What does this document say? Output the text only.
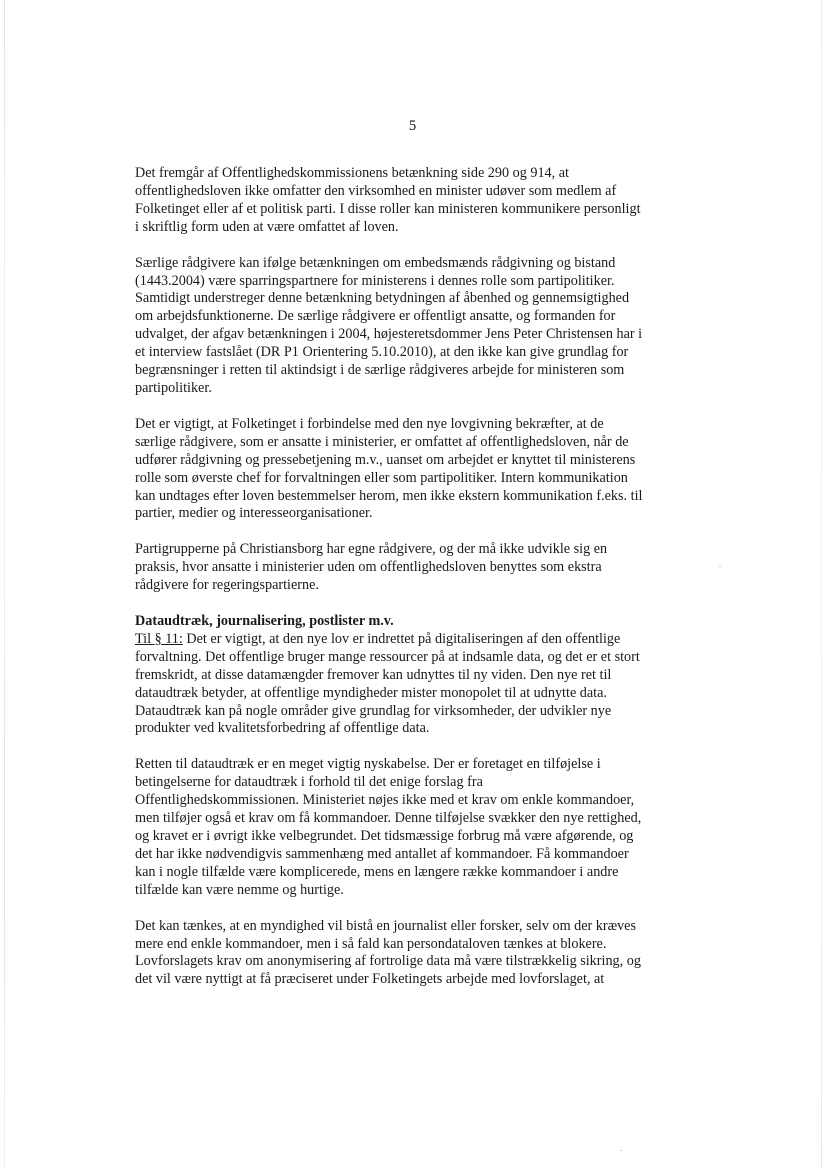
5

Det fremgår af Offentlighedskommissionens betænkning side 290 og 914, at
offentlighedsloven ikke omfatter den virksomhed en minister udøver som medlem af
Folketinget eller af et politisk parti. I disse roller kan ministeren kommunikere personligt
i skriftlig form uden at være omfattet af loven.

Særlige rådgivere kan ifølge betænkningen om embedsmænds rådgivning og bistand
(1443.2004) være sparringspartnere for ministerens i dennes rolle som partipolitiker.
Samtidigt understreger denne betænkning betydningen af åbenhed og gennemsigtighed
om arbejdsfunktionerne. De særlige rådgivere er offentligt ansatte, og formanden for
udvalget, der afgav betænkningen i 2004, højesteretsdommer Jens Peter Christensen har i
et interview fastslået (DR P1 Orientering 5.10.2010), at den ikke kan give grundlag for
begrænsninger i retten til aktindsigt i de særlige rådgiveres arbejde for ministeren som
partipolitiker.

Det er vigtigt, at Folketinget i forbindelse med den nye lovgivning bekræfter, at de
særlige rådgivere, som er ansatte i ministerier, er omfattet af offentlighedsloven, når de
udfører rådgivning og pressebetjening m.v., uanset om arbejdet er knyttet til ministerens
rolle som øverste chef for forvaltningen eller som partipolitiker. Intern kommunikation
kan undtages efter loven bestemmelser herom, men ikke ekstern kommunikation f.eks. til
partier, medier og interesseorganisationer.

Partigrupperne på Christiansborg har egne rådgivere, og der må ikke udvikle sig en
praksis, hvor ansatte i ministerier uden om offentlighedsloven benyttes som ekstra
rådgivere for regeringspartierne.

Dataudtræk, journalisering, postlister m.v.
Til § 11: Det er vigtigt, at den nye lov er indrettet på digitaliseringen af den offentlige
forvaltning. Det offentlige bruger mange ressourcer på at indsamle data, og det er et stort
fremskridt, at disse datamængder fremover kan udnyttes til ny viden. Den nye ret til
dataudtræk betyder, at offentlige myndigheder mister monopolet til at udnytte data.
Dataudtræk kan på nogle områder give grundlag for virksomheder, der udvikler nye
produkter ved kvalitetsforbedring af offentlige data.

Retten til dataudtræk er en meget vigtig nyskabelse. Der er foretaget en tilføjelse i
betingelserne for dataudtræk i forhold til det enige forslag fra
Offentlighedskommissionen. Ministeriet nøjes ikke med et krav om enkle kommandoer,
men tilføjer også et krav om få kommandoer. Denne tilføjelse svækker den nye rettighed,
og kravet er i øvrigt ikke velbegrundet. Det tidsmæssige forbrug må være afgørende, og
det har ikke nødvendigvis sammenhæng med antallet af kommandoer. Få kommandoer
kan i nogle tilfælde være komplicerede, mens en længere række kommandoer i andre
tilfælde kan være nemme og hurtige.

Det kan tænkes, at en myndighed vil bistå en journalist eller forsker, selv om der kræves
mere end enkle kommandoer, men i så fald kan persondataloven tænkes at blokere.
Lovforslagets krav om anonymisering af fortrolige data må være tilstrækkelig sikring, og
det vil være nyttigt at få præciseret under Folketingets arbejde med lovforslaget, at
